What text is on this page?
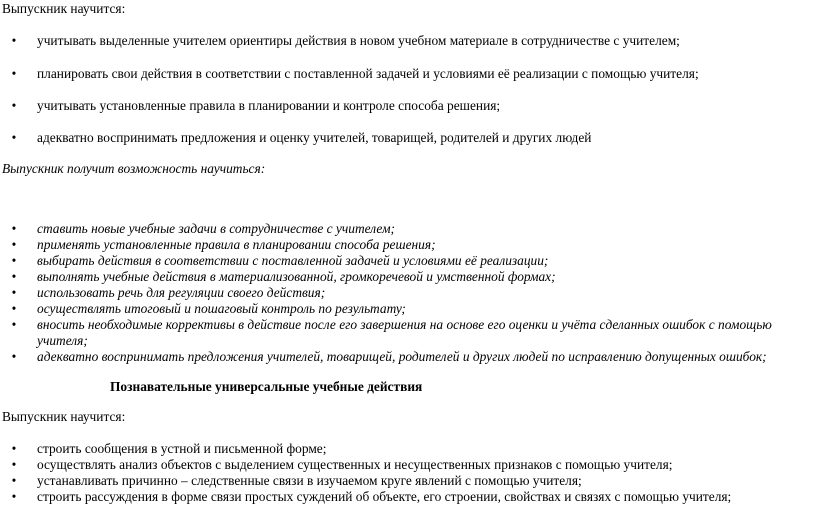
Выпускник научится:
•	учитывать выделенные учителем ориентиры действия в новом учебном материале в сотрудничестве с учителем;
•	планировать свои действия в соответствии с поставленной задачей и условиями её реализации с помощью учителя;
•	учитывать установленные правила в планировании и контроле способа решения;
•	адекватно воспринимать предложения и оценку учителей, товарищей, родителей и других людей
Выпускник получит возможность научиться:
•	ставить новые учебные задачи в сотрудничестве с учителем;
•	применять установленные правила в планировании способа решения;
•	выбирать действия в соответствии с поставленной задачей и условиями её реализации;
•	выполнять учебные действия в материализованной, громкоречевой и умственной формах;
•	использовать речь для регуляции своего действия;
•	осуществлять итоговый и пошаговый контроль по результату;
•	вносить необходимые коррективы в действие после его завершения на основе его оценки и учёта сделанных ошибок с помощью
учителя;
•	адекватно воспринимать предложения учителей, товарищей, родителей и других людей по исправлению допущенных ошибок;
Познавательные универсальные учебные действия
Выпускник научится:
•	строить сообщения в устной и письменной форме;
•	осуществлять анализ объектов с выделением существенных и несущественных признаков с помощью учителя;
•	устанавливать причинно – следственные связи в изучаемом круге явлений с помощью учителя;
•	строить рассуждения в форме связи простых суждений об объекте, его строении, свойствах и связях с помощью учителя;
